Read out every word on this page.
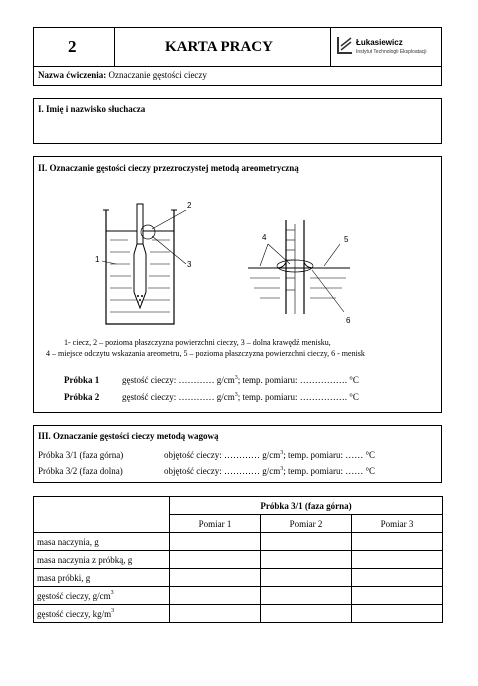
2	KARTA PRACY	Łukasiewicz
Instytut Technologii Eksploatacji
Nazwa ćwiczenia: Oznaczanie gęstości cieczy
I. Imię i nazwisko słuchacza
II. Oznaczanie gęstości cieczy przezroczystej metodą areometryczną
1
2
3
4	5
6
1- ciecz, 2 – pozioma płaszczyzna powierzchni cieczy, 3 – dolna krawędź menisku,
4 – miejsce odczytu wskazania areometru, 5 – pozioma płaszczyzna powierzchni cieczy, 6 - menisk
Próbka 1	gęstość cieczy: ………… $g/cm^3$; temp. pomiaru: ……………. °C
Próbka 2	gęstość cieczy: ………… $g/cm^3$; temp. pomiaru: ……………. °C
III. Oznaczanie gęstości cieczy metodą wagową
Próbka 3/1 (faza górna)	objętość cieczy: ………… $g/cm^3$; temp. pomiaru: …… °C
Próbka 3/2 (faza dolna)	objętość cieczy: ………… $g/cm^3$; temp. pomiaru: …… °C
	Próbka 3/1 (faza górna)		
	Pomiar 1	Pomiar 2	Pomiar 3
masa naczynia, g			
masa naczynia z próbką, g			
masa próbki, g			
gęstość cieczy, $g/cm^3$			
gęstość cieczy, $kg/m^3$			
